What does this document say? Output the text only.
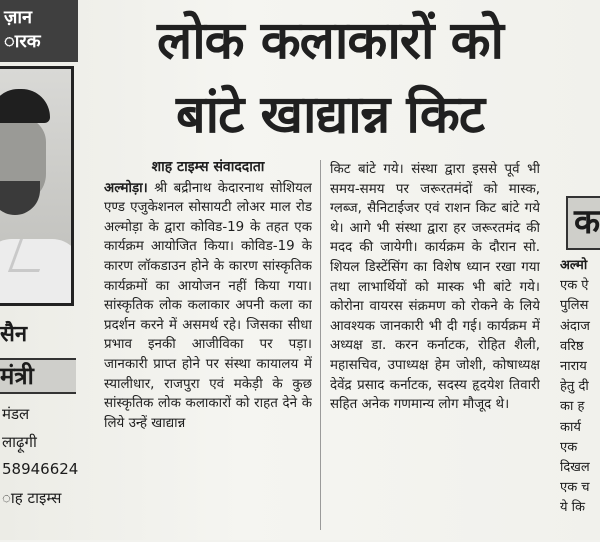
ज़ान
ारक
सैन
मंत्री
मंडल
लाढ़ूगी
58946624
ाह टाइम्स
लोक कलाकारों को
बांटे खाद्यान्न किट
शाह टाइम्स संवाददाता
अल्मोड़ा। श्री बद्रीनाथ केदारनाथ सोशियल एण्ड एजुकेशनल सोसायटी लोअर माल रोड अल्मोड़ा के द्वारा कोविड-19 के तहत एक कार्यक्रम आयोजित किया। कोविड-19 के कारण लॉकडाउन होने के कारण सांस्कृतिक कार्यक्रमों का आयोजन नहीं किया गया। सांस्कृतिक लोक कलाकार अपनी कला का प्रदर्शन करने में असमर्थ रहे। जिसका सीधा प्रभाव इनकी आजीविका पर पड़ा। जानकारी प्राप्त होने पर संस्था कायालय में स्यालीधार, राजपुरा एवं मकेड़ी के कुछ सांस्कृतिक लोक कलाकारों को राहत देने के लिये उन्हें खाद्यान्न
किट बांटे गये। संस्था द्वारा इससे पूर्व भी समय-समय पर जरूरतमंदों को मास्क, ग्लब्ज, सैनिटाईजर एवं राशन किट बांटे गये थे। आगे भी संस्था द्वारा हर जरूरतमंद की मदद की जायेगी। कार्यक्रम के दौरान सो. शियल डिस्टेंसिंग का विशेष ध्यान रखा गया तथा लाभार्थियों को मास्क भी बांटे गये। कोरोना वायरस संक्रमण को रोकने के लिये आवश्यक जानकारी भी दी गई। कार्यक्रम में अध्यक्ष डा. करन कर्नाटक, रोहित शैली, महासचिव, उपाध्यक्ष हेम जोशी, कोषाध्यक्ष देवेंद्र प्रसाद कर्नाटक, सदस्य हृदयेश तिवारी सहित अनेक गणमान्य लोग मौजूद थे।
क
अल्मो
एक ऐ
पुलिस
अंदाज
वरिष्ठ
नाराय
हेतु दी
का ह
कार्य
एक
दिखल
एक च
ये कि
